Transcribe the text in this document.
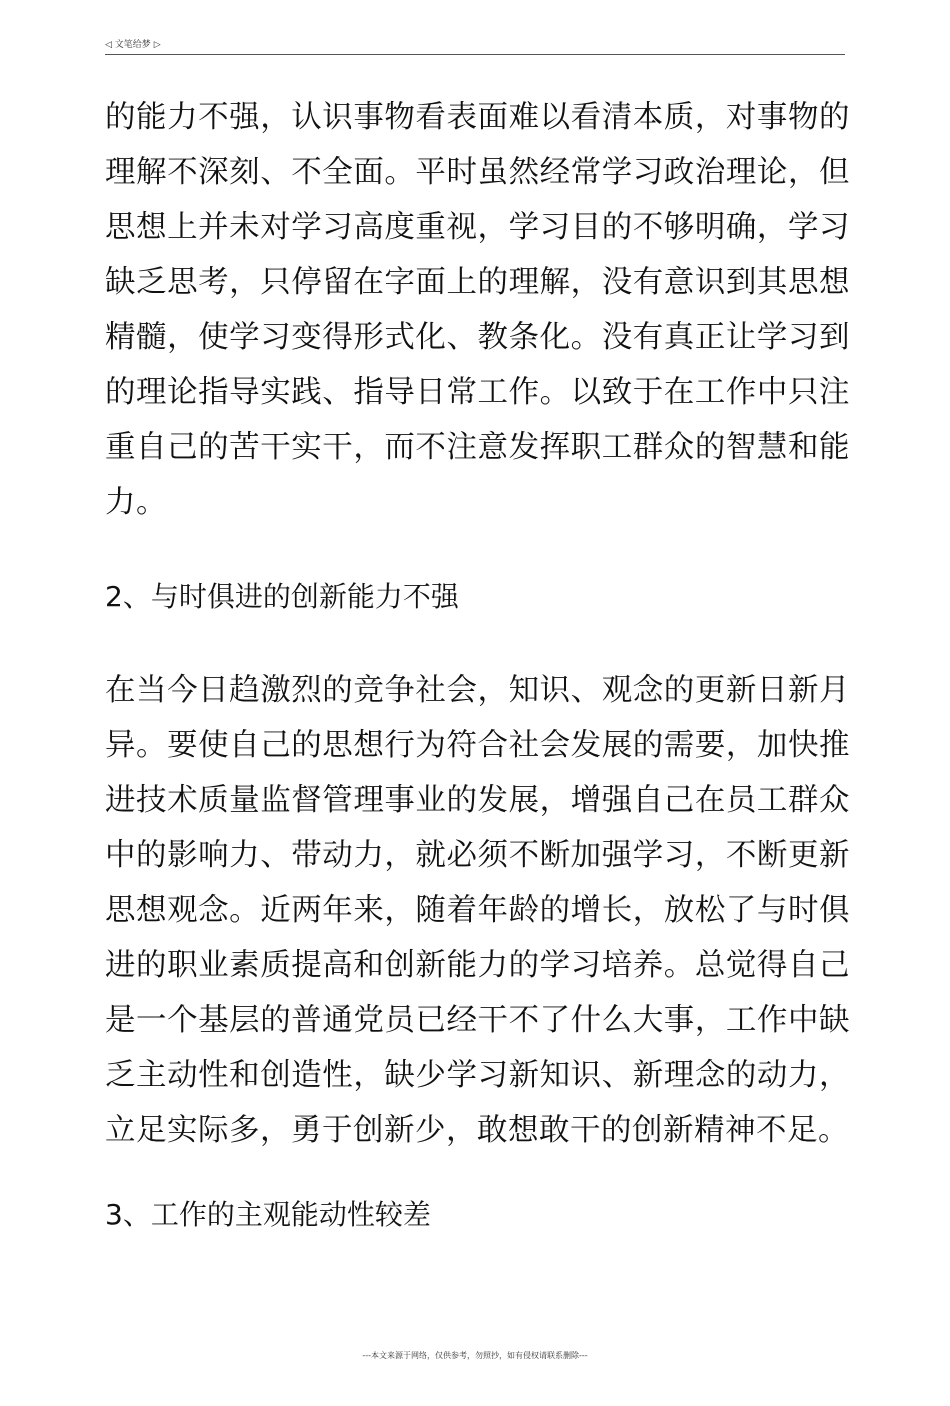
◁ 文笔给梦 ▷

的能力不强，认识事物看表面难以看清本质，对事物的理解不深刻、不全面。平时虽然经常学习政治理论，但思想上并未对学习高度重视，学习目的不够明确，学习缺乏思考，只停留在字面上的理解，没有意识到其思想精髓，使学习变得形式化、教条化。没有真正让学习到的理论指导实践、指导日常工作。以致于在工作中只注重自己的苦干实干，而不注意发挥职工群众的智慧和能力。

2、与时俱进的创新能力不强

在当今日趋激烈的竞争社会，知识、观念的更新日新月异。要使自己的思想行为符合社会发展的需要，加快推进技术质量监督管理事业的发展，增强自己在员工群众中的影响力、带动力，就必须不断加强学习，不断更新思想观念。近两年来，随着年龄的增长，放松了与时俱进的职业素质提高和创新能力的学习培养。总觉得自己是一个基层的普通党员已经干不了什么大事，工作中缺乏主动性和创造性，缺少学习新知识、新理念的动力，立足实际多，勇于创新少，敢想敢干的创新精神不足。

3、工作的主观能动性较差
---本文来源于网络，仅供参考，勿照抄，如有侵权请联系删除---
